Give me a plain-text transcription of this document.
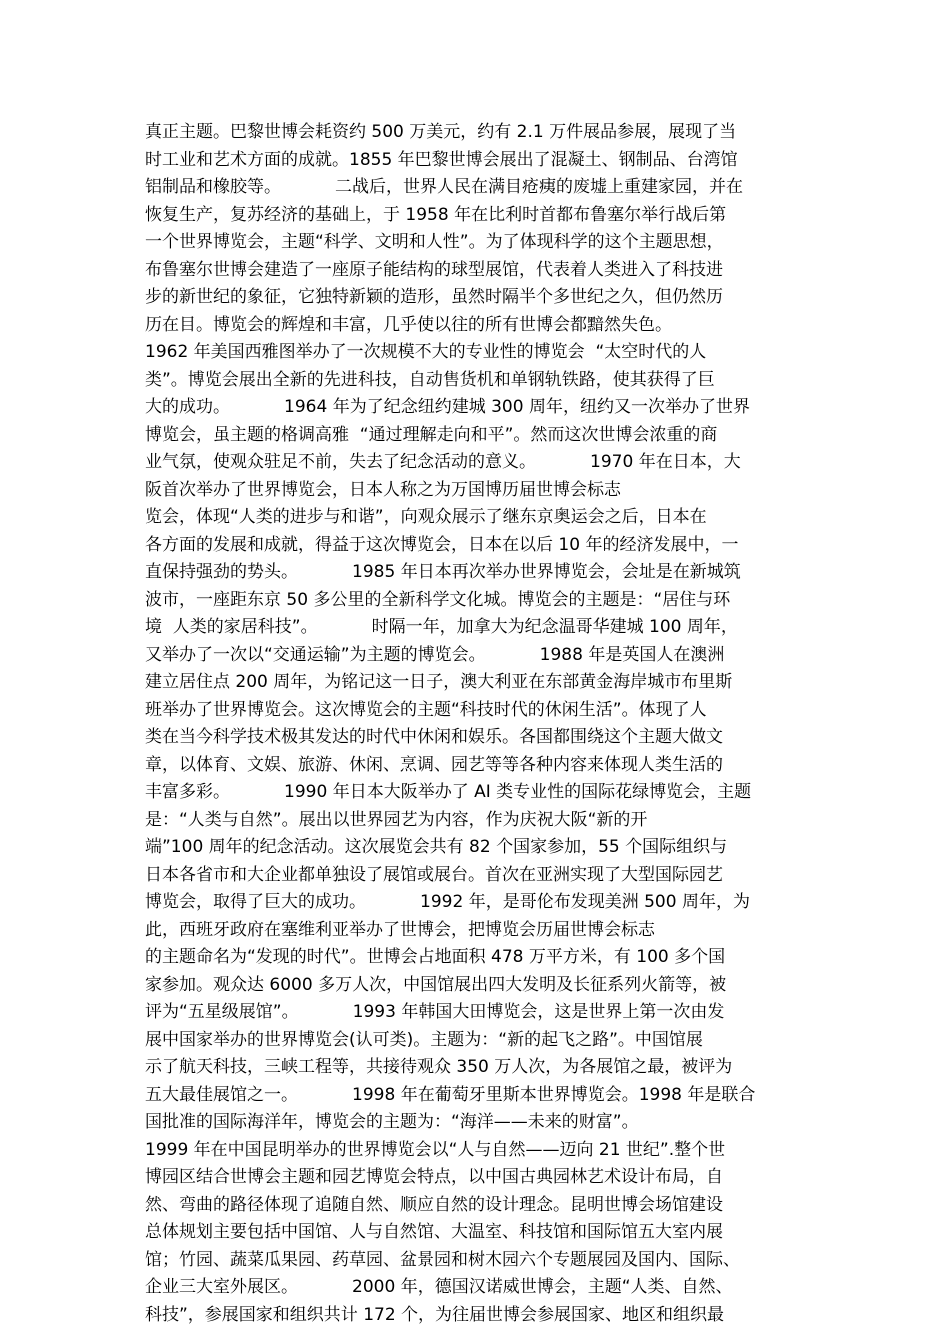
真正主题。巴黎世博会耗资约 500 万美元，约有 2.1 万件展品参展，展现了当
时工业和艺术方面的成就。1855 年巴黎世博会展出了混凝土、钢制品、台湾馆
铝制品和橡胶等。          二战后，世界人民在满目疮痍的废墟上重建家园，并在
恢复生产，复苏经济的基础上，于 1958 年在比利时首都布鲁塞尔举行战后第
一个世界博览会，主题“科学、文明和人性”。为了体现科学的这个主题思想，
布鲁塞尔世博会建造了一座原子能结构的球型展馆，代表着人类进入了科技进
步的新世纪的象征，它独特新颖的造形，虽然时隔半个多世纪之久，但仍然历
历在目。博览会的辉煌和丰富，几乎使以往的所有世博会都黯然失色。
1962 年美国西雅图举办了一次规模不大的专业性的博览会  “太空时代的人
类”。博览会展出全新的先进科技，自动售货机和单钢轨铁路，使其获得了巨
大的成功。          1964 年为了纪念纽约建城 300 周年，纽约又一次举办了世界
博览会，虽主题的格调高雅  “通过理解走向和平”。然而这次世博会浓重的商
业气氛，使观众驻足不前，失去了纪念活动的意义。          1970 年在日本，大
阪首次举办了世界博览会，日本人称之为万国博历届世博会标志
览会，体现“人类的进步与和谐”，向观众展示了继东京奥运会之后，日本在
各方面的发展和成就，得益于这次博览会，日本在以后 10 年的经济发展中，一
直保持强劲的势头。          1985 年日本再次举办世界博览会，会址是在新城筑
波市，一座距东京 50 多公里的全新科学文化城。博览会的主题是：“居住与环
境  人类的家居科技”。          时隔一年，加拿大为纪念温哥华建城 100 周年，
又举办了一次以“交通运输”为主题的博览会。          1988 年是英国人在澳洲
建立居住点 200 周年，为铭记这一日子，澳大利亚在东部黄金海岸城市布里斯
班举办了世界博览会。这次博览会的主题“科技时代的休闲生活”。体现了人
类在当今科学技术极其发达的时代中休闲和娱乐。各国都围绕这个主题大做文
章，以体育、文娱、旅游、休闲、烹调、园艺等等各种内容来体现人类生活的
丰富多彩。          1990 年日本大阪举办了 AI 类专业性的国际花绿博览会，主题
是：“人类与自然”。展出以世界园艺为内容，作为庆祝大阪“新的开
端”100 周年的纪念活动。这次展览会共有 82 个国家参加，55 个国际组织与
日本各省市和大企业都单独设了展馆或展台。首次在亚洲实现了大型国际园艺
博览会，取得了巨大的成功。          1992 年，是哥伦布发现美洲 500 周年，为
此，西班牙政府在塞维利亚举办了世博会，把博览会历届世博会标志
的主题命名为“发现的时代”。世博会占地面积 478 万平方米，有 100 多个国
家参加。观众达 6000 多万人次，中国馆展出四大发明及长征系列火箭等，被
评为“五星级展馆”。          1993 年韩国大田博览会，这是世界上第一次由发
展中国家举办的世界博览会(认可类)。主题为：“新的起飞之路”。中国馆展
示了航天科技，三峡工程等，共接待观众 350 万人次，为各展馆之最，被评为
五大最佳展馆之一。          1998 年在葡萄牙里斯本世界博览会。1998 年是联合
国批准的国际海洋年，博览会的主题为：“海洋——未来的财富”。
1999 年在中国昆明举办的世界博览会以“人与自然——迈向 21 世纪”.整个世
博园区结合世博会主题和园艺博览会特点，以中国古典园林艺术设计布局，自
然、弯曲的路径体现了追随自然、顺应自然的设计理念。昆明世博会场馆建设
总体规划主要包括中国馆、人与自然馆、大温室、科技馆和国际馆五大室内展
馆；竹园、蔬菜瓜果园、药草园、盆景园和树木园六个专题展园及国内、国际、
企业三大室外展区。          2000 年，德国汉诺威世博会，主题“人类、自然、
科技”，参展国家和组织共计 172 个，为往届世博会参展国家、地区和组织最
